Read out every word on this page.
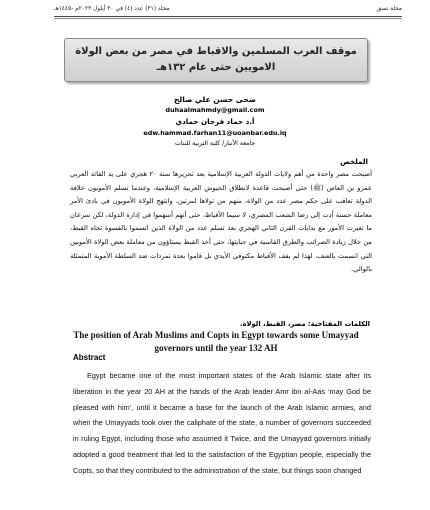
مجلة نسق
مجلد (٣١) عدد (٤) في ٣٠ أيلول ٢٠٢٣م -١٤٤٥هـ
موقف العرب المسلمين والاقباط في مصر من بعض الولاة الامويين حتى عام ١٣٢هـ
ضحى حسن علي صالح
duhaalmahmdy@gmail.com
أ.د حماد فرحان حمادي
edw.hammad.farhan11@uoanbar.edu.iq
جامعة الأنبار/ كلية التربية للبنات
الملخص
أصبحت مصر واحدة من أهم ولايات الدولة العربية الإسلامية بعد تحريرها سنة ٢٠ هجري على يد القائد العربي عمرو بن العاص (ﷺ) حتى أصبحت قاعدة لانطلاق الجيوش العربية الإسلامية، وعندما تسلم الأمويون خلافة الدولة تعاقب على حكم مصر عدد من الولاة، منهم من تولاها لمرتين، وانتهج الولاة الأمويون في بادئ الأمر معاملة حسنة أدت إلى رضا الشعب المصري، لا سيما الأقباط، حتى أنهم أسهموا في إدارة الدولة، لكن سرعان ما تغيرت الأمور مع بدايات القرن الثاني الهجري بعد تسلم عدد من الولاة الذين اتسموا بالقسوة تجاه القبط، من خلال زيادة الضرائب والطرق القاسية في جبايتها، حتى أخذ القبط يستاؤون من معاملة بعض الولاة الأمويين التي اتسمت بالعنف، لهذا لم يقف الأقباط مكتوفي الأيدي بل قاموا بعدة تمردات ضد السلطة الأموية المتمثلة بالوالي.
الكلمات المفتاحية: مصر، القبط، الولاة.
The position of Arab Muslims and Copts in Egypt towards some Umayyad governors until the year 132 AH
Abstract
Egypt became one of the most important states of the Arab Islamic state after its liberation in the year 20 AH at the hands of the Arab leader Amr ibn al-Aas ‘may God be pleased with him’, until it became a base for the launch of the Arab Islamic armies, and when the Umayyads took over the caliphate of the state, a number of governors succeeded in ruling Egypt, including those who assumed it Twice, and the Umayyad governors initially adopted a good treatment that led to the satisfaction of the Egyptian people, especially the Copts, so that they contributed to the administration of the state, but things soon changed
